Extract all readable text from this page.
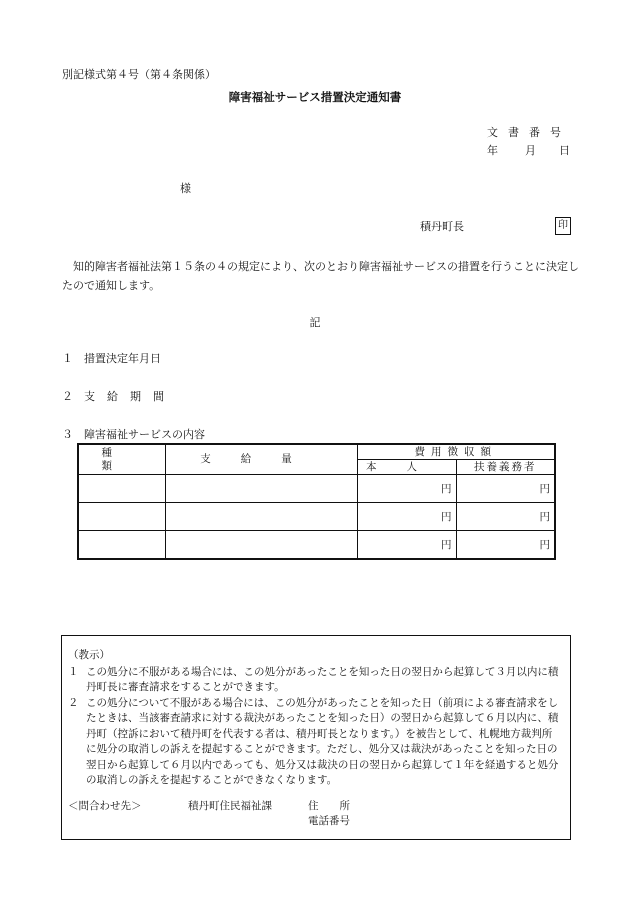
別記様式第４号（第４条関係）
障害福祉サービス措置決定通知書
文書番号
年 月 日
様
積丹町長	印
知的障害者福祉法第１５条の４の規定により、次のとおり障害福祉サービスの措置を行うことに決定したので通知します。
記
１ 措置決定年月日
２ 支給期間
３ 障害福祉サービスの内容
種類	支給量	費用徴収額	
		本人	扶養義務者
		円	円
		円	円
		円	円
（教示）
１ この処分に不服がある場合には、この処分があったことを知った日の翌日から起算して３月以内に積丹町長に審査請求をすることができます。
２ この処分について不服がある場合には、この処分があったことを知った日（前項による審査請求をしたときは、当該審査請求に対する裁決があったことを知った日）の翌日から起算して６月以内に、積丹町（控訴において積丹町を代表する者は、積丹町長となります。）を被告として、札幌地方裁判所に処分の取消しの訴えを提起することができます。ただし、処分又は裁決があったことを知った日の翌日から起算して６月以内であっても、処分又は裁決の日の翌日から起算して１年を経過すると処分の取消しの訴えを提起することができなくなります。
＜問合わせ先＞	積丹町住民福祉課	住　　所
電話番号
